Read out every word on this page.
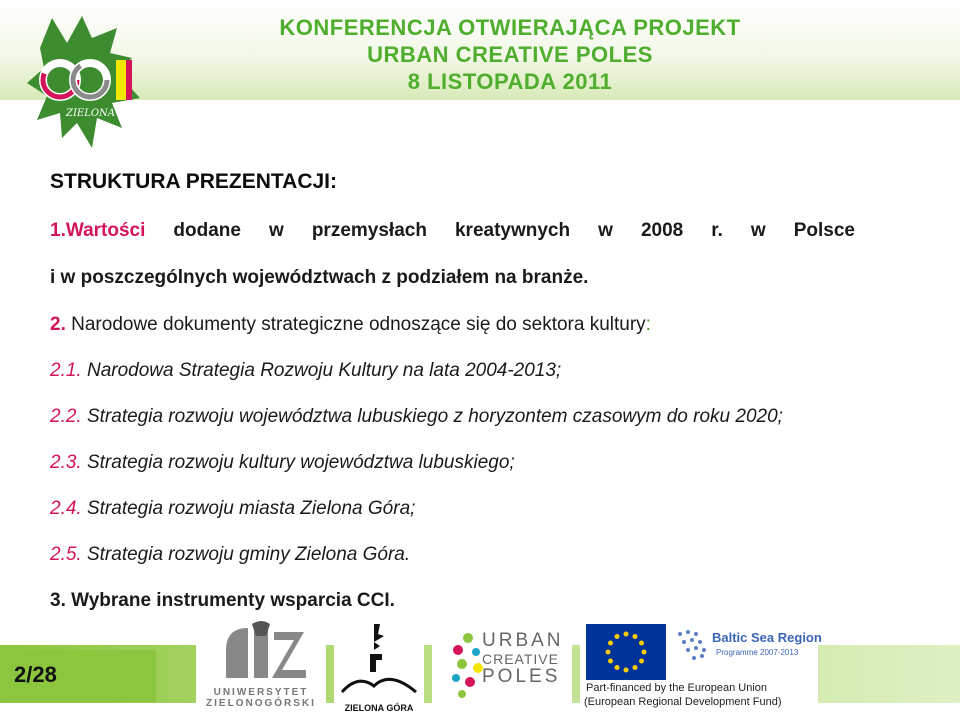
ZIELONA GÓRA
KONFERENCJA OTWIERAJĄCA PROJEKT
URBAN CREATIVE POLES
8 LISTOPADA 2011
STRUKTURA PREZENTACJI:
1.Wartości dodane w przemysłach kreatywnych w 2008 r. w Polsce
i w poszczególnych województwach z podziałem na branże.
2. Narodowe dokumenty strategiczne odnoszące się do sektora kultury:
2.1. Narodowa Strategia Rozwoju Kultury na lata 2004-2013;
2.2. Strategia rozwoju województwa lubuskiego z horyzontem czasowym do roku 2020;
2.3. Strategia rozwoju kultury województwa lubuskiego;
2.4. Strategia rozwoju miasta Zielona Góra;
2.5. Strategia rozwoju gminy Zielona Góra.
3. Wybrane instrumenty wsparcia CCI.
2/28
UNIWERSYTET
ZIELONOGÓRSKI	ZIELONA GÓRA
URBAN
CREATIVE
POLES
Baltic Sea Region
Programme 2007-2013
Part-financed by the European Union
(European Regional Development Fund)
